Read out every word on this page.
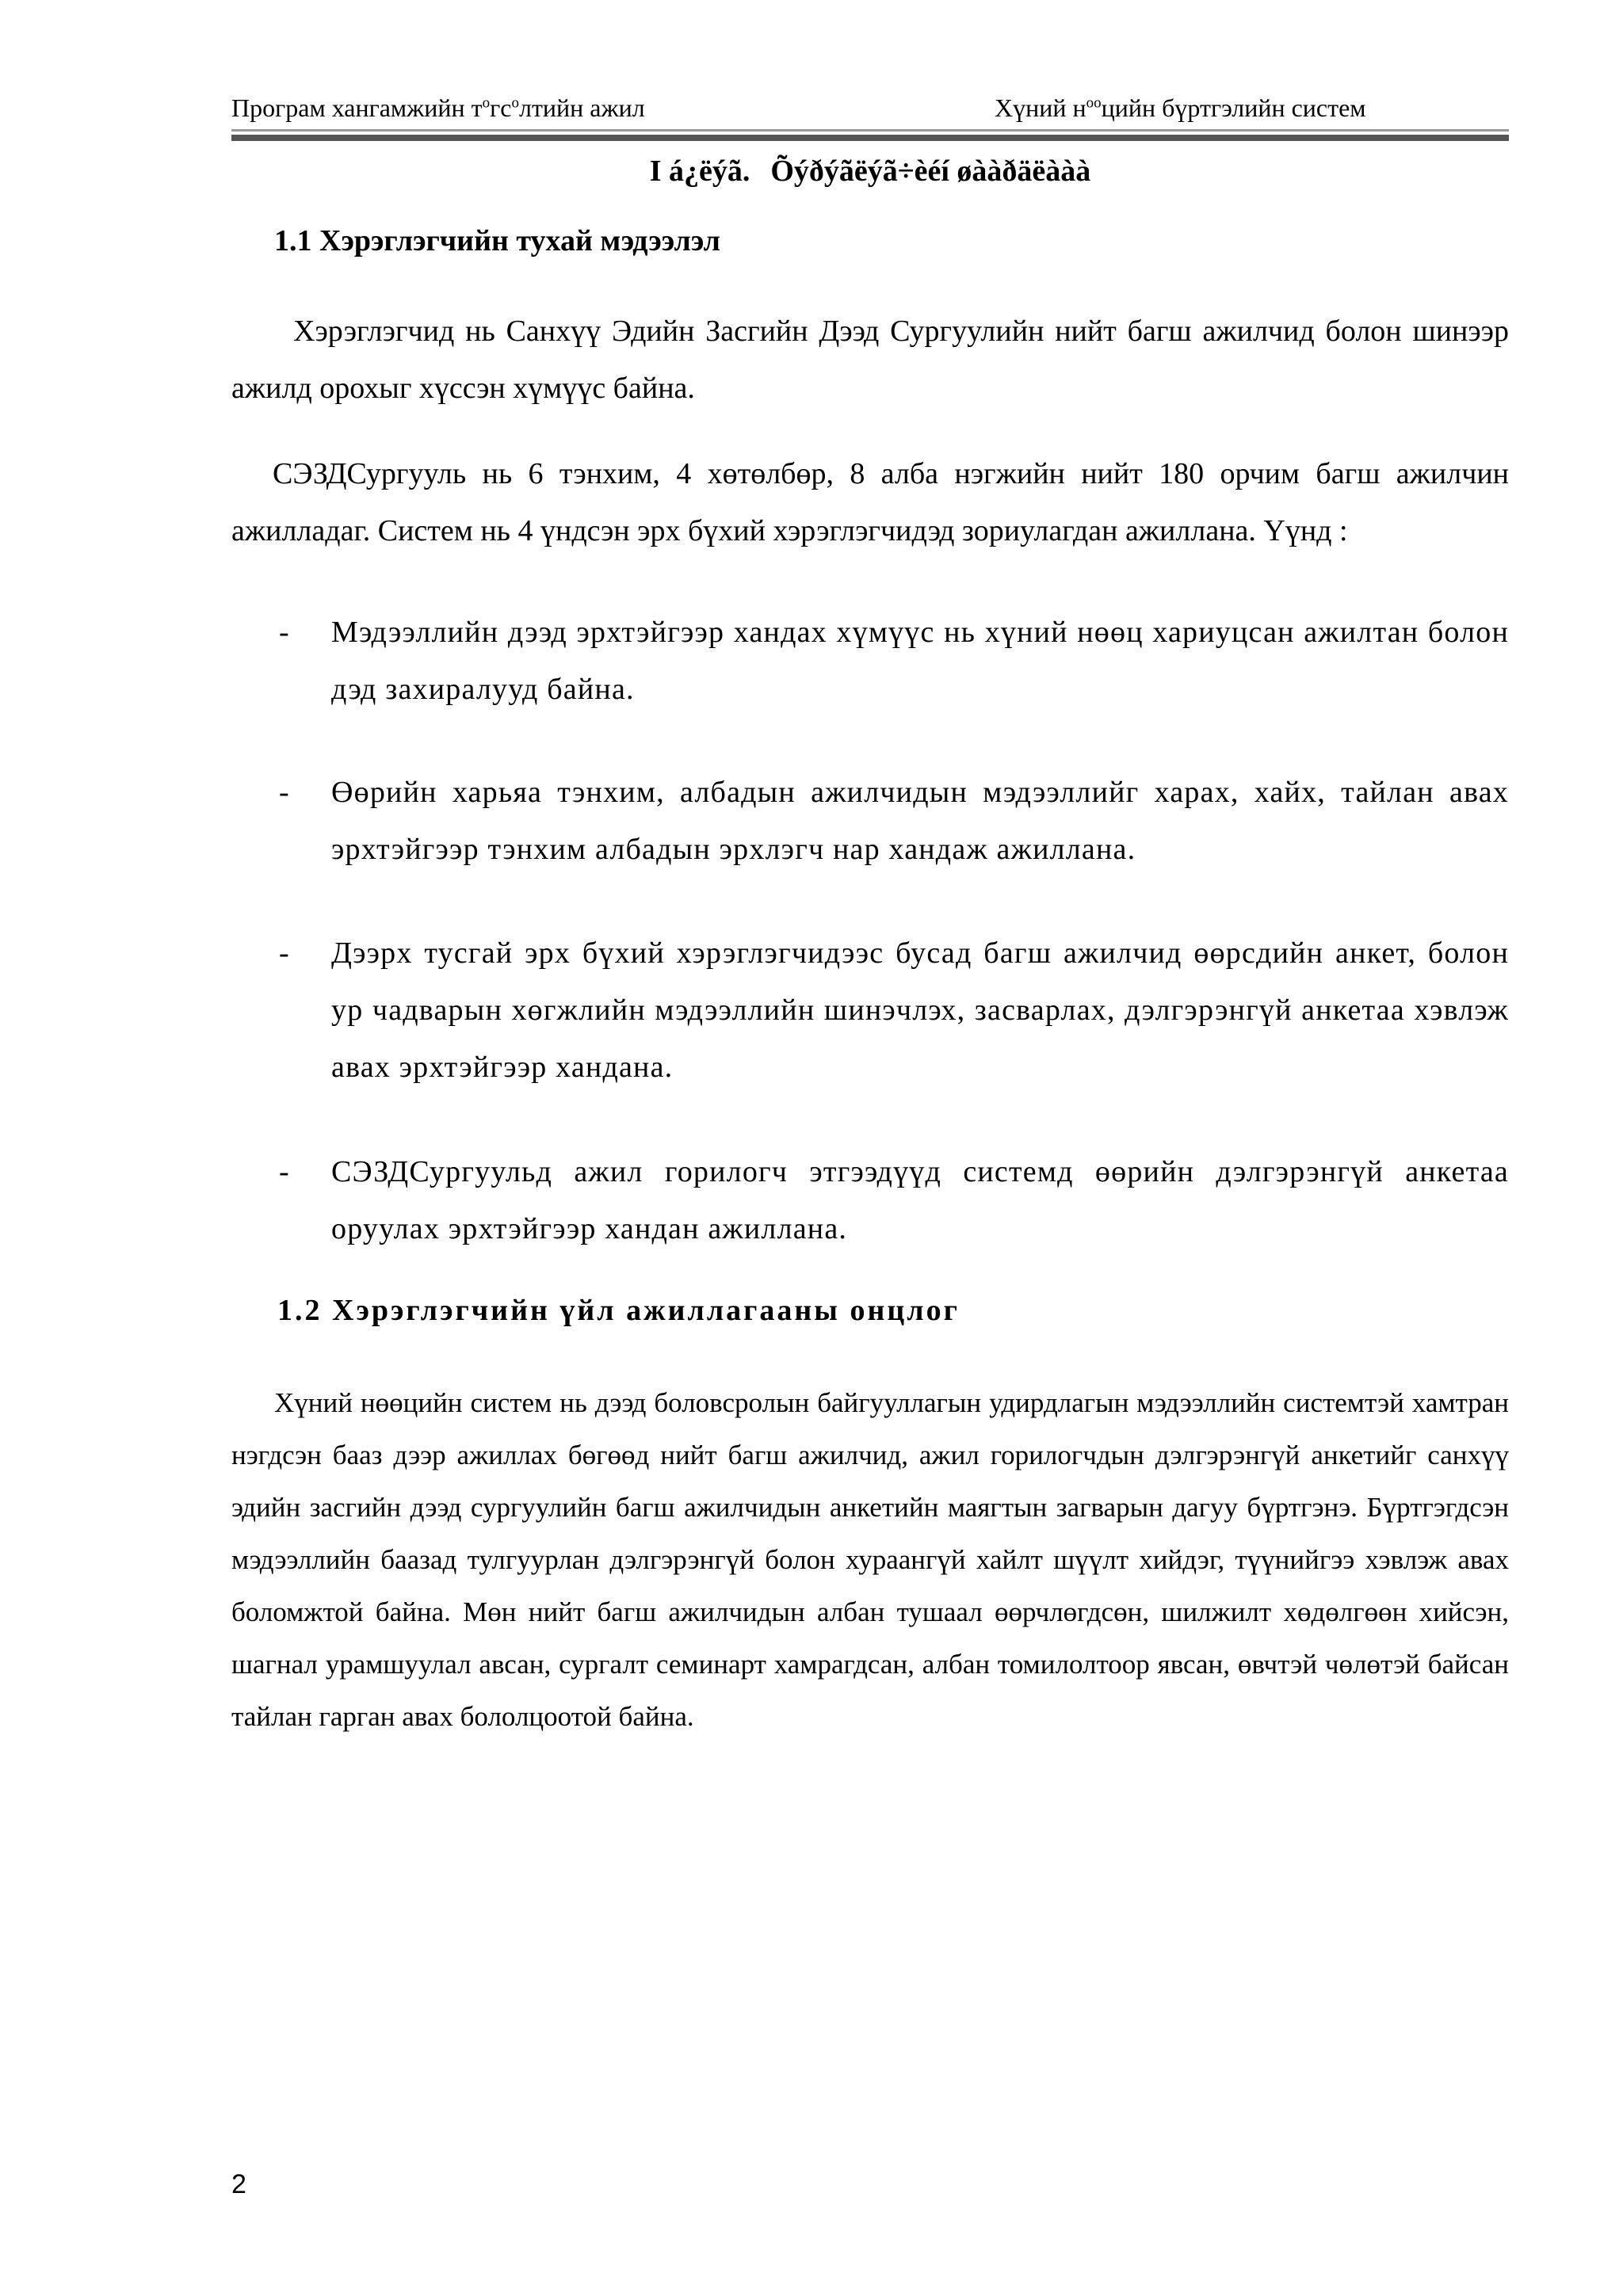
Програм хангамжийн $т^oгс^oлтийн$ ажил	Хүний $н^{oo}цийн$ бүртгэлийн систем
I á¿ëýã. Õýðýãëýã÷èéí øààðäëààà
1.1 Хэрэглэгчийн тухай мэдээлэл
Хэрэглэгчид нь Санхүү Эдийн Засгийн Дээд Сургуулийн нийт багш ажилчид болон шинээр ажилд орохыг хүссэн хүмүүс байна.
СЭЗДСургууль нь 6 тэнхим, 4 хөтөлбөр, 8 алба нэгжийн нийт 180 орчим багш ажилчин ажилладаг. Систем нь 4 үндсэн эрх бүхий хэрэглэгчидэд зориулагдан ажиллана. Үүнд :
- Мэдээллийн дээд эрхтэйгээр хандах хүмүүс нь хүний нөөц хариуцсан ажилтан болон дэд захиралууд байна.
- Өөрийн харьяа тэнхим, албадын ажилчидын мэдээллийг харах, хайх, тайлан авах эрхтэйгээр тэнхим албадын эрхлэгч нар хандаж ажиллана.
- Дээрх тусгай эрх бүхий хэрэглэгчидээс бусад багш ажилчид өөрсдийн анкет, болон ур чадварын хөгжлийн мэдээллийн шинэчлэх, засварлах, дэлгэрэнгүй анкетаа хэвлэж авах эрхтэйгээр хандана.
- СЭЗДСургуульд ажил горилогч этгээдүүд системд өөрийн дэлгэрэнгүй анкетаа оруулах эрхтэйгээр хандан ажиллана.
1.2 Хэрэглэгчийн үйл ажиллагааны онцлог
Хүний нөөцийн систем нь дээд боловсролын байгууллагын удирдлагын мэдээллийн системтэй хамтран нэгдсэн бааз дээр ажиллах бөгөөд нийт багш ажилчид, ажил горилогчдын дэлгэрэнгүй анкетийг санхүү эдийн засгийн дээд сургуулийн багш ажилчидын анкетийн маягтын загварын дагуу бүртгэнэ. Бүртгэгдсэн мэдээллийн баазад тулгуурлан дэлгэрэнгүй болон хураангүй хайлт шүүлт хийдэг, түүнийгээ хэвлэж авах боломжтой байна. Мөн нийт багш ажилчидын албан тушаал өөрчлөгдсөн, шилжилт хөдөлгөөн хийсэн, шагнал урамшуулал авсан, сургалт семинарт хамрагдсан, албан томилолтоор явсан, өвчтэй чөлөтэй байсан тайлан гарган авах бололцоотой байна.
2
